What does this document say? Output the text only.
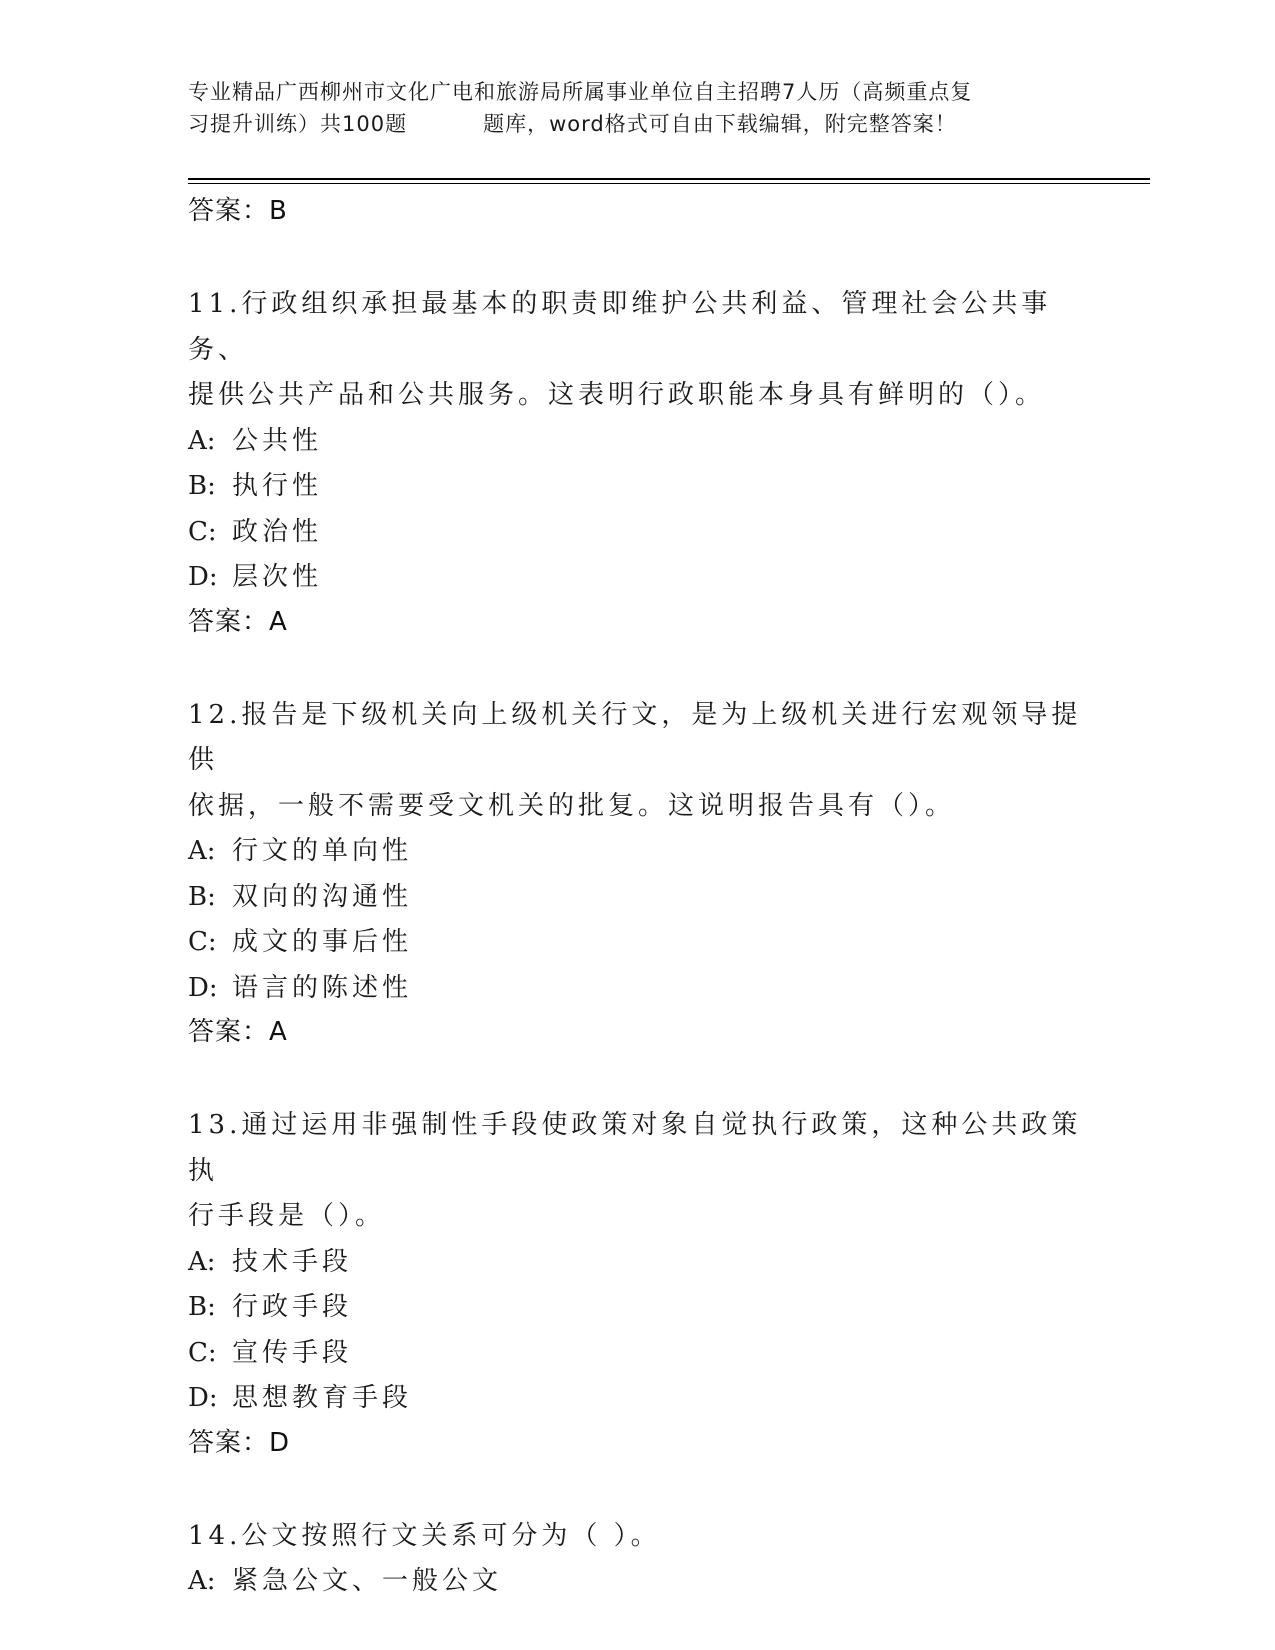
专业精品广西柳州市文化广电和旅游局所属事业单位自主招聘7人历（高频重点复
习提升训练）共100题	题库，word格式可自由下载编辑，附完整答案！
答案：B
11.行政组织承担最基本的职责即维护公共利益、管理社会公共事务、
提供公共产品和公共服务。这表明行政职能本身具有鲜明的（）。
A: 公共性
B: 执行性
C: 政治性
D: 层次性
答案：A
12.报告是下级机关向上级机关行文，是为上级机关进行宏观领导提供
依据，一般不需要受文机关的批复。这说明报告具有（）。
A: 行文的单向性
B: 双向的沟通性
C: 成文的事后性
D: 语言的陈述性
答案：A
13.通过运用非强制性手段使政策对象自觉执行政策，这种公共政策执
行手段是（）。
A: 技术手段
B: 行政手段
C: 宣传手段
D: 思想教育手段
答案：D
14.公文按照行文关系可分为（ ）。
A: 紧急公文、一般公文
